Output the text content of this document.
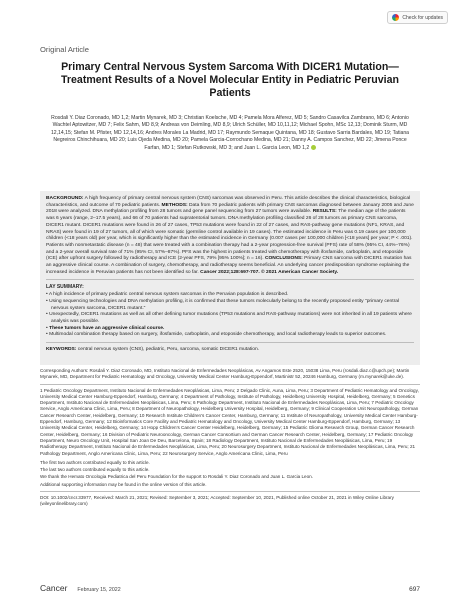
Check for updates
Original Article
Primary Central Nervous System Sarcoma With DICER1 Mutation—Treatment Results of a Novel Molecular Entity in Pediatric Peruvian Patients
Rosdali Y. Diaz Coronado, MD 1,2; Martin Mynarek, MD 3; Christian Koelsche, MD 4; Pamela Mora Alferez, MD 5; Sandro Casavilca Zambrano, MD 6; Antonio Wachtel Aptowitzer, MD 7; Felix Sahm, MD 8,9; Andreas von Deimling, MD 8,9; Ulrich Schüller, MD 10,11,12; Michael Spohn, MSc 12,13; Dominik Sturm, MD 12,14,15; Stefan M. Pfister, MD 12,14,16; Andres Morales La Madrid, MD 17; Raymundo Semaque Quintana, MD 18; Gustavo Sarria Bardales, MD 19; Tatiana Negreiros Chinchihuara, MD 20; Luis Ojeda Medina, MD 20; Pamela Garcia-Corrochano Medina, MD 21; Danny A. Campos Sanchez, MD 22; Jimena Ponce Farfan, MD 1; Stefan Rutkowski, MD 3; and Juan L. Garcia Leon, MD 1,2

BACKGROUND: A high frequency of primary central nervous system (CNS) sarcomas was observed in Peru. This article describes the clinical characteristics, biological characteristics, and outcome of 70 pediatric patients. METHODS: Data from 70 pediatric patients with primary CNS sarcomas diagnosed between January 2005 and June 2018 were analyzed. DNA methylation profiling from 28 tumors and gene panel sequencing from 27 tumors were available. RESULTS: The median age of the patients was 6 years (range, 2–17.5 years), and 66 of 70 patients had supratentorial tumors. DNA methylation profiling classified 26 of 28 tumors as primary CNS sarcoma, DICER1 mutant. DICER1 mutations were found in 26 of 27 cases, TP53 mutations were found in 22 of 27 cases, and RAS-pathway gene mutations (NF1, KRAS, and NRAS) were found in 19 of 27 tumors, all of which were somatic (germline control available in 19 cases). The estimated incidence in Peru was 0.19 cases per 100,000 children (<18 years old) per year, which is significantly higher than the estimated incidence in Germany (0.007 cases per 100,000 children [<18 years] per year; P < .001). Patients with nonmetastatic disease (n = 48) that were treated with a combination therapy had a 2-year progression-free survival (PFS) rate of 58% (95% CI, 44%–76%) and a 2-year overall survival rate of 71% (95% CI, 57%–87%). PFS was the highest in patients treated with chemotherapy with ifosfamide, carboplatin, and etoposide (ICE) after upfront surgery followed by radiotherapy and ICE (2-year PFS, 79% [95% 100%]; n = 16). CONCLUSIONS: Primary CNS sarcoma with DICER1 mutation has an aggressive clinical course. A combination of surgery, chemotherapy, and radiotherapy seems beneficial. An underlying cancer predisposition syndrome explaining the increased incidence in Peruvian patients has not been identified so far. Cancer 2022;128:697-707. © 2021 American Cancer Society.

LAY SUMMARY:
• A high incidence of primary pediatric central nervous system sarcomas in the Peruvian population is described.
• Using sequencing technologies and DNA methylation profiling, it is confirmed that these tumors molecularly belong to the recently proposed entity "primary central nervous system sarcoma, DICER1 mutant."
• Unexpectedly, DICER1 mutations as well as all other defining tumor mutations (TP53 mutations and RAS-pathway mutations) were not inherited in all 19 patients where analysis was possible.
• These tumors have an aggressive clinical course.
• Multimodal combination therapy based on surgery, ifosfamide, carboplatin, and etoposide chemotherapy, and local radiotherapy leads to superior outcomes.

KEYWORDS: central nervous system (CNS), pediatric, Peru, sarcoma, somatic DICER1 mutation.

Corresponding Authors: Rosdali Y. Diaz Coronado, MD, Instituto Nacional de Enfermedades Neoplásicas, Av Angamos Este 2520, 15038 Lima, Peru (rosdali.diaz.c@upch.pe); Martin Mynarek, MD, Department for Pediatric Hematology and Oncology, University Medical Center Hamburg-Eppendorf, Martinistr 52, 20246 Hamburg, Germany (m.mynarek@uke.de).

1 Pediatric Oncology Department, Instituto Nacional de Enfermedades Neoplásicas, Lima, Peru; 2 Delgado Clinic, Auna, Lima, Peru; 3 Department of Pediatric Hematology and Oncology, University Medical Center Hamburg-Eppendorf, Hamburg, Germany; 4 Department of Pathology, Institute of Pathology, Heidelberg University Hospital, Heidelberg, Germany; 5 Genetics Department, Instituto Nacional de Enfermedades Neoplásicas, Lima, Peru; 6 Pathology Department, Instituto Nacional de Enfermedades Neoplásicas, Lima, Peru; 7 Pediatric Oncology Service, Anglo Americana Clinic, Lima, Peru; 8 Department of Neuropathology, Heidelberg University Hospital, Heidelberg, Germany; 9 Clinical Cooperation Unit Neuropathology, German Cancer Research Center, Heidelberg, Germany; 10 Research Institute Children's Cancer Center, Hamburg, Germany; 11 Institute of Neuropathology, University Medical Center Hamburg-Eppendorf, Hamburg, Germany; 12 Bioinformatics Core Facility and Pediatric Hematology and Oncology, University Medical Center Hamburg-Eppendorf, Hamburg, Germany; 13 University Medical Center, Heidelberg, Germany; 14 Hopp Children's Cancer Center Heidelberg, Heidelberg, Germany; 15 Pediatric Glioma Research Group, German Cancer Research Center, Heidelberg, Germany; 16 Division of Pediatric Neurooncology, German Cancer Consortium and German Cancer Research Center, Heidelberg, Germany; 17 Pediatric Oncology Department, Neuro Oncology Unit, Hospital San Joan De Deu, Barcelona, Spain; 18 Radiology Department, Instituto Nacional de Enfermedades Neoplásicas, Lima, Peru; 19 Radiotherapy Department, Instituto Nacional de Enfermedades Neoplásicas, Lima, Peru; 20 Neurosurgery Department, Instituto Nacional de Enfermedades Neoplásicas, Lima, Peru; 21 Pathology Department, Anglo Americana Clinic, Lima, Peru; 22 Neurosurgery Service, Anglo Americana Clinic, Lima, Peru

The first two authors contributed equally to this article.

The last two authors contributed equally to this article.

We thank the Hemato Oncologia Pediatrica del Peru Foundation for the support to Rosdali Y. Diaz Coronado and Juan L. Garcia Leon.

Additional supporting information may be found in the online version of this article.

DOI: 10.1002/cncr.33977, Received: March 21, 2021; Revised: September 3, 2021; Accepted: September 10, 2021, Published online October 21, 2021 in Wiley Online Library (wileyonlinelibrary.com)

Cancer February 15, 2022	697
